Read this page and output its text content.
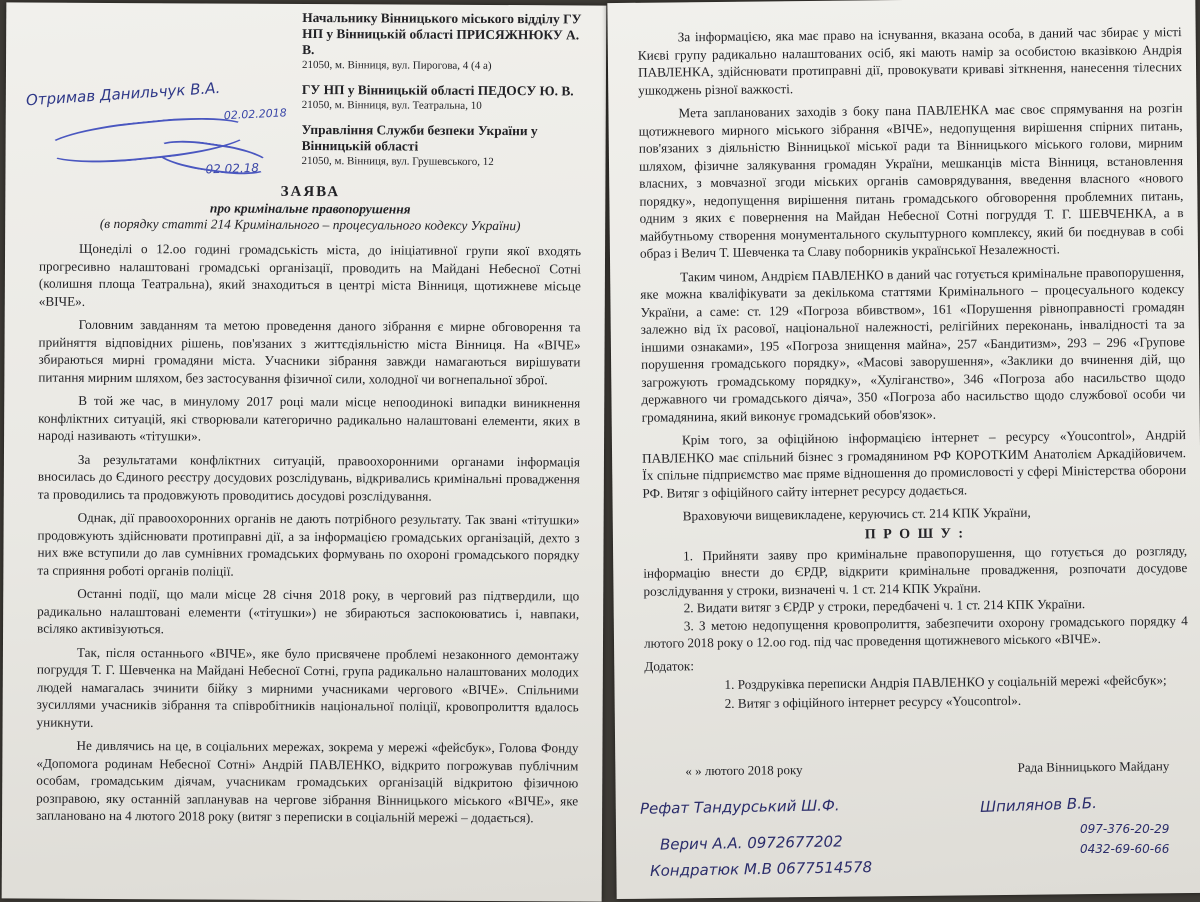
Начальнику Вінницького міського відділу ГУ НП у Вінницькій області ПРИСЯЖНЮКУ А. В.

21050, м. Вінниця, вул. Пирогова, 4 (4 а)

ГУ НП у Вінницькій області ПЕДОСУ Ю. В.

21050, м. Вінниця, вул. Театральна, 10

Управління Служби безпеки України у Вінницькій області

21050, м. Вінниця, вул. Грушевського, 12

Отримав Данильчук В.А.
02.02.2018
02.02.18

ЗАЯВА

про кримінальне правопорушення

(в порядку статті 214 Кримінального – процесуального кодексу України)

Щонеділі о 12.оо годині громадськість міста, до ініціативної групи якої входять прогресивно налаштовані громадські організації, проводить на Майдані Небесної Сотні (колишня площа Театральна), який знаходиться в центрі міста Вінниця, щотижневе місьце «ВІЧЕ».

Головним завданням та метою проведення даного зібрання є мирне обговорення та прийняття відповідних рішень, пов'язаних з життєдіяльністю міста Вінниця. На «ВІЧЕ» збираються мирні громадяни міста. Учасники зібрання завжди намагаються вирішувати питання мирним шляхом, без застосування фізичної сили, холодної чи вогнепальної зброї.

В той же час, в минулому 2017 році мали місце непоодинокі випадки виникнення конфліктних ситуацій, які створювали категорично радикально налаштовані елементи, яких в народі називають «тітушки».

За результатами конфліктних ситуацій, правоохоронними органами інформація вносилась до Єдиного реєстру досудових розслідувань, відкривались кримінальні провадження та проводились та продовжують проводитись досудові розслідування.

Однак, дії правоохоронних органів не дають потрібного результату. Так звані «тітушки» продовжують здійснювати протиправні дії, а за інформацією громадських організацій, дехто з них вже вступили до лав сумнівних громадських формувань по охороні громадського порядку та сприяння роботі органів поліції.

Останні події, що мали місце 28 січня 2018 року, в черговий раз підтвердили, що радикально налаштовані елементи («тітушки») не збираються заспокоюватись і, навпаки, всіляко активізуються.

Так, після останнього «ВІЧЕ», яке було присвячене проблемі незаконного демонтажу погруддя Т. Г. Шевченка на Майдані Небесної Сотні, група радикально налаштованих молодих людей намагалась зчинити бійку з мирними учасниками чергового «ВІЧЕ». Спільними зусиллями учасників зібрання та співробітників національної поліції, кровопролиття вдалось уникнути.

Не дивлячись на це, в соціальних мережах, зокрема у мережі «фейсбук», Голова Фонду «Допомога родинам Небесної Сотні» Андрій ПАВЛЕНКО, відкрито погрожував публічним особам, громадським діячам, учасникам громадських організацій відкритою фізичною розправою, яку останній запланував на чергове зібрання Вінницького міського «ВІЧЕ», яке заплановано на 4 лютого 2018 року (витяг з переписки в соціальній мережі – додається).

За інформацією, яка має право на існування, вказана особа, в даний час збирає у місті Києві групу радикально налаштованих осіб, які мають намір за особистою вказівкою Андрія ПАВЛЕНКА, здійснювати протиправні дії, провокувати криваві зіткнення, нанесення тілесних ушкоджень різної важкості.

Мета запланованих заходів з боку пана ПАВЛЕНКА має своє спрямування на розгін щотижневого мирного міського зібрання «ВІЧЕ», недопущення вирішення спірних питань, пов'язаних з діяльністю Вінницької міської ради та Вінницького міського голови, мирним шляхом, фізичне залякування громадян України, мешканців міста Вінниця, встановлення власних, з мовчазної згоди міських органів самоврядування, введення власного «нового порядку», недопущення вирішення питань громадського обговорення проблемних питань, одним з яких є повернення на Майдан Небесної Сотні погруддя Т. Г. ШЕВЧЕНКА, а в майбутньому створення монументального скульптурного комплексу, який би поєднував в собі образ і Велич Т. Шевченка та Славу поборників української Незалежності.

Таким чином, Андрієм ПАВЛЕНКО в даний час готується кримінальне правопорушення, яке можна кваліфікувати за декількома статтями Кримінального – процесуального кодексу України, а саме: ст. 129 «Погроза вбивством», 161 «Порушення рівноправності громадян залежно від їх расової, національної належності, релігійних переконань, інвалідності та за іншими ознаками», 195 «Погроза знищення майна», 257 «Бандитизм», 293 – 296 «Групове порушення громадського порядку», «Масові заворушення», «Заклики до вчинення дій, що загрожують громадському порядку», «Хуліганство», 346 «Погроза або насильство щодо державного чи громадського діяча», 350 «Погроза або насильство щодо службової особи чи громадянина, який виконує громадський обов'язок».

Крім того, за офіційною інформацією інтернет – ресурсу «Youcontrol», Андрій ПАВЛЕНКО має спільний бізнес з громадянином РФ КОРОТКИМ Анатолієм Аркадійовичем. Їх спільне підприємство має пряме відношення до промисловості у сфері Міністерства оборони РФ. Витяг з офіційного сайту інтернет ресурсу додається.

Враховуючи вищевикладене, керуючись ст. 214 КПК України,

П Р О Ш У :

1. Прийняти заяву про кримінальне правопорушення, що готується до розгляду, інформацію внести до ЄРДР, відкрити кримінальне провадження, розпочати досудове розслідування у строки, визначені ч. 1 ст. 214 КПК України.

2. Видати витяг з ЄРДР у строки, передбачені ч. 1 ст. 214 КПК України.

3. З метою недопущення кровопролиття, забезпечити охорону громадського порядку 4 лютого 2018 року о 12.оо год. під час проведення щотижневого міського «ВІЧЕ».

Додаток:

1. Роздруківка переписки Андрія ПАВЛЕНКО у соціальній мережі «фейсбук»;
2. Витяг з офіційного інтернет ресурсу «Youcontrol».
« » лютого 2018 року	Рада Вінницького Майдану
Рефат Тандурський Ш.Ф.	Шпилянов В.Б.
Верич А.А. 0972677202
Кондратюк М.В 0677514578
097-376-20-29
0432-69-60-66
